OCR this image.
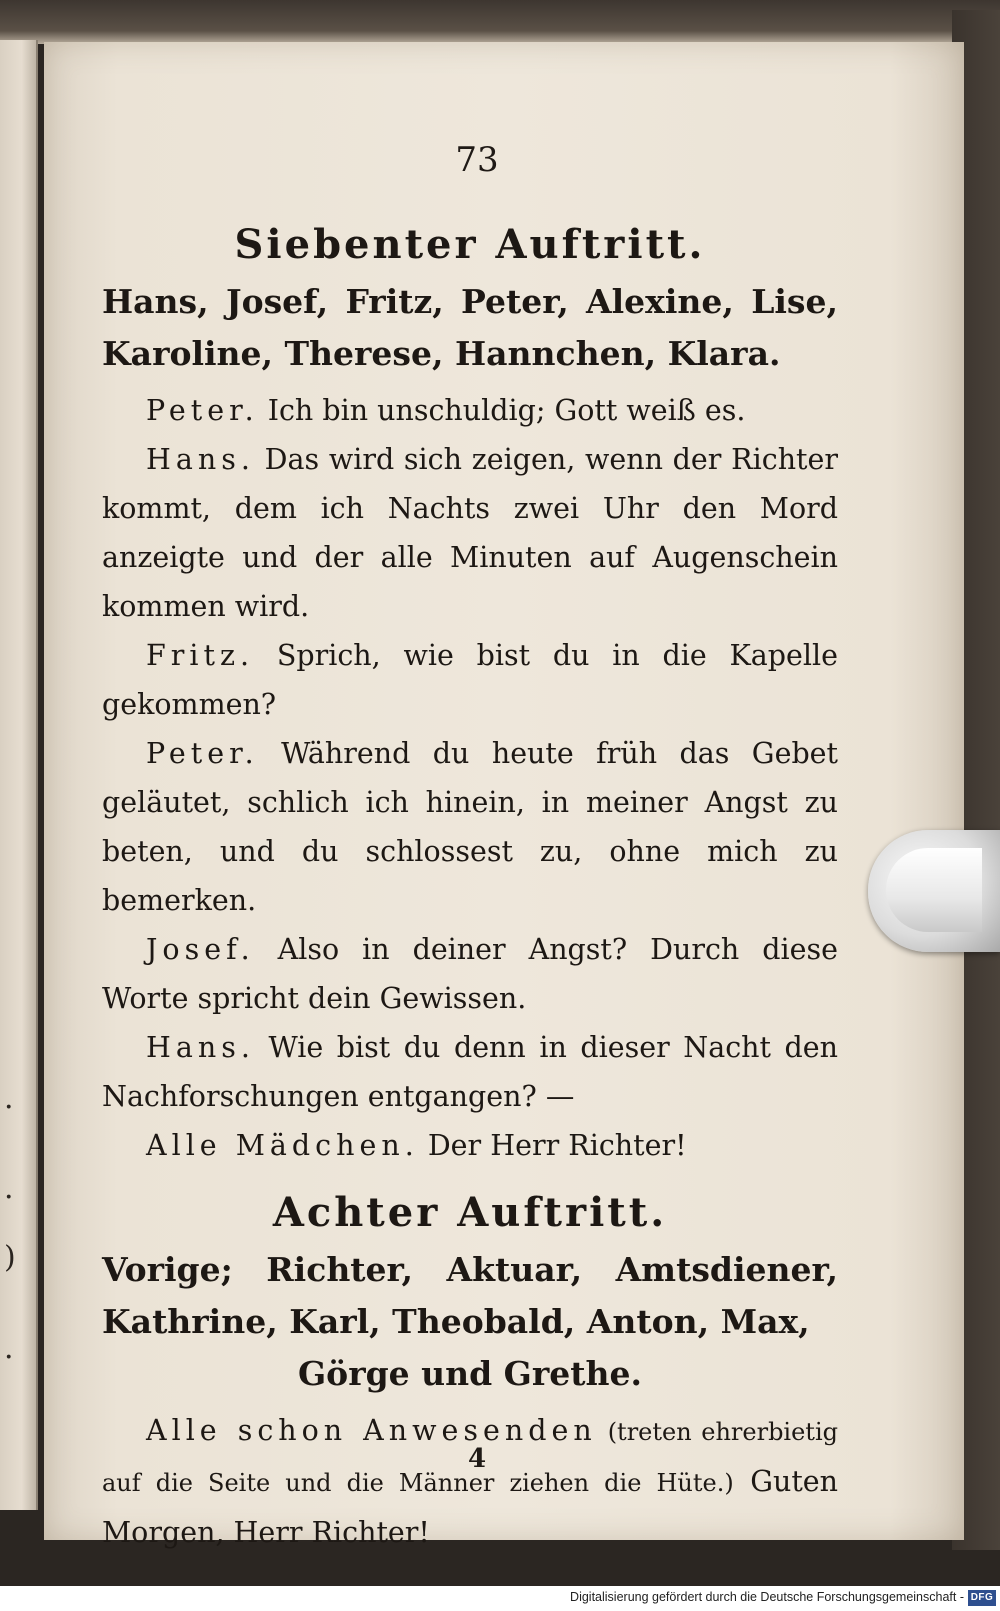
·
·
)
·
73
Siebenter Auftritt.

Hans, Josef, Fritz, Peter, Alexine, Lise, Karoline, Therese, Hannchen, Klara.

Peter. Ich bin unschuldig; Gott weiß es.

Hans. Das wird sich zeigen, wenn der Richter kommt, dem ich Nachts zwei Uhr den Mord anzeigte und der alle Minuten auf Augenschein kommen wird.

Fritz. Sprich, wie bist du in die Kapelle gekommen?

Peter. Während du heute früh das Gebet geläutet, schlich ich hinein, in meiner Angst zu beten, und du schlossest zu, ohne mich zu bemerken.

Josef. Also in deiner Angst? Durch diese Worte spricht dein Gewissen.

Hans. Wie bist du denn in dieser Nacht den Nachforschungen entgangen? —

Alle Mädchen. Der Herr Richter!

Achter Auftritt.

Vorige; Richter, Aktuar, Amtsdiener, Kathrine, Karl, Theobald, Anton, Max,

Görge und Grethe.

Alle schon Anwesenden (treten ehrerbietig auf die Seite und die Männer ziehen die Hüte.) Guten Morgen, Herr Richter!

4
Digitalisierung gefördert durch die Deutsche Forschungsgemeinschaft - DFG
